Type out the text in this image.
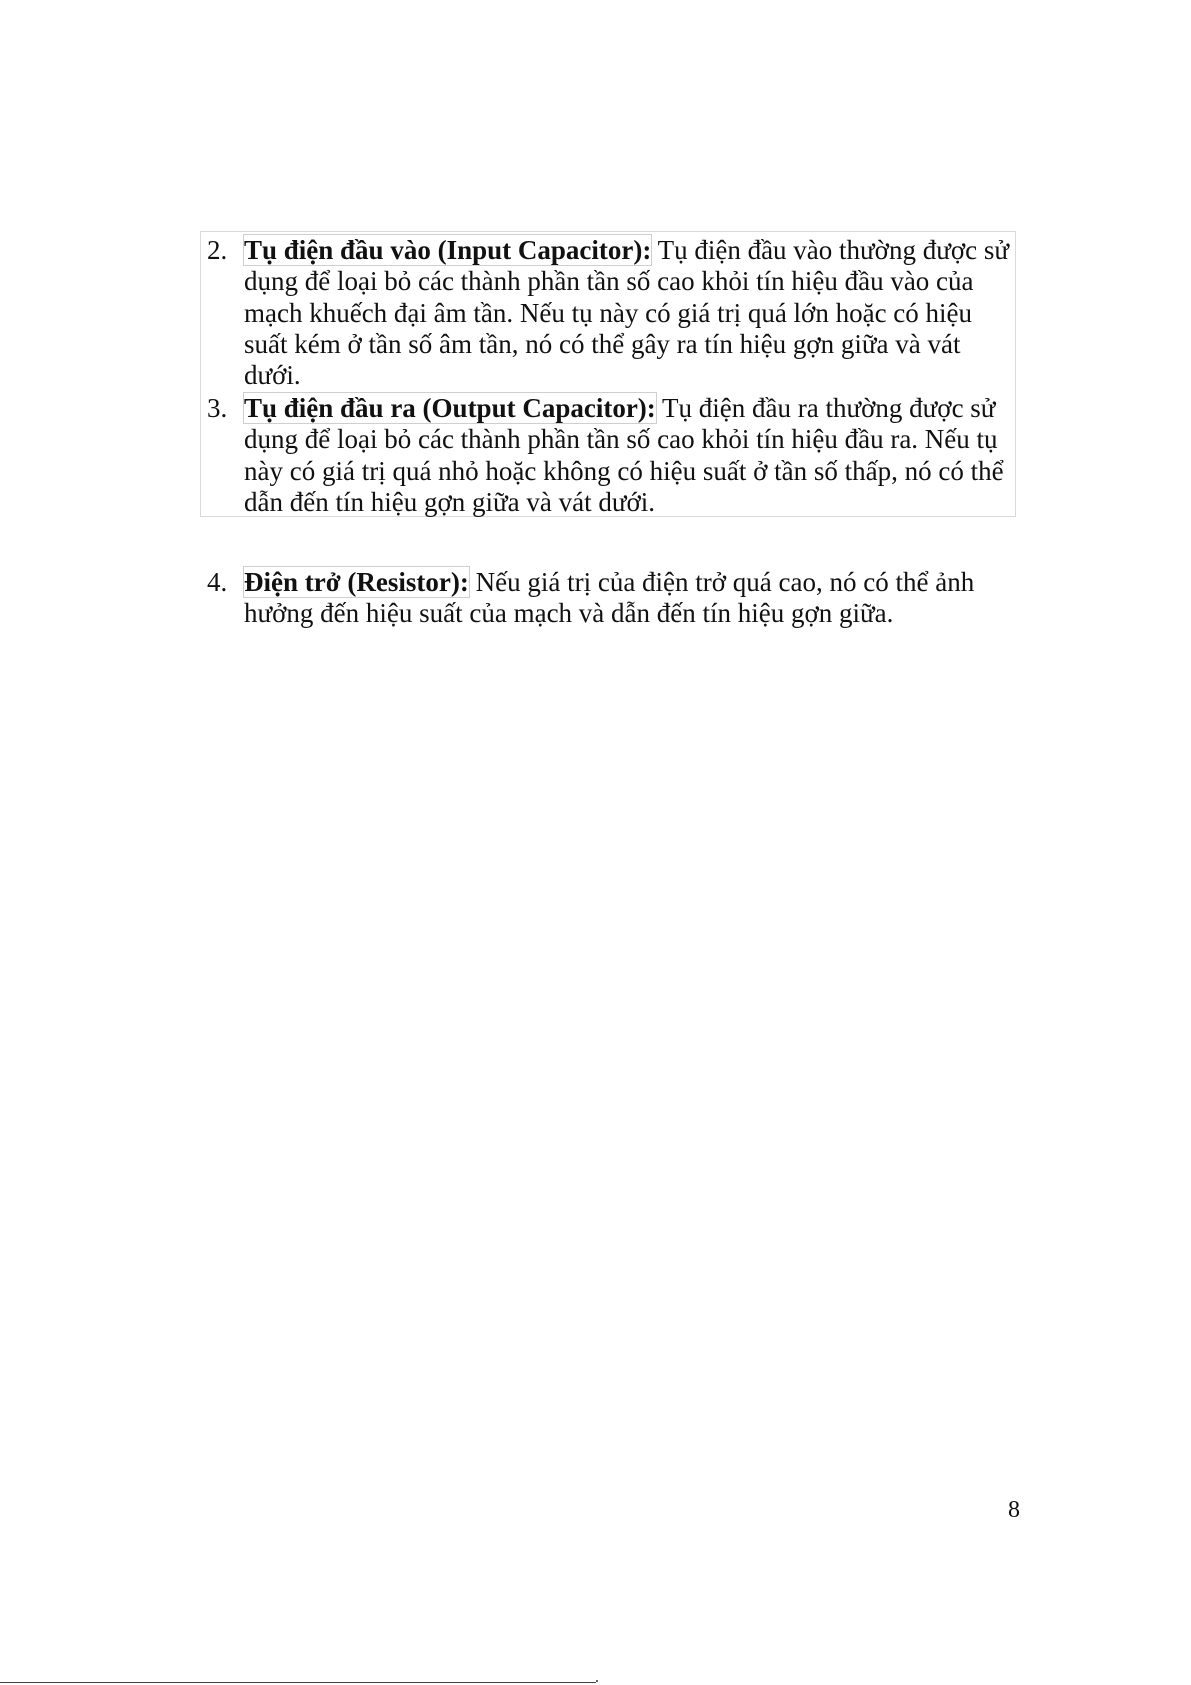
2. Tụ điện đầu vào (Input Capacitor): Tụ điện đầu vào thường được sử dụng để loại bỏ các thành phần tần số cao khỏi tín hiệu đầu vào của mạch khuếch đại âm tần. Nếu tụ này có giá trị quá lớn hoặc có hiệu suất kém ở tần số âm tần, nó có thể gây ra tín hiệu gợn giữa và vát dưới.
3. Tụ điện đầu ra (Output Capacitor): Tụ điện đầu ra thường được sử dụng để loại bỏ các thành phần tần số cao khỏi tín hiệu đầu ra. Nếu tụ này có giá trị quá nhỏ hoặc không có hiệu suất ở tần số thấp, nó có thể dẫn đến tín hiệu gợn giữa và vát dưới.
4. Điện trở (Resistor): Nếu giá trị của điện trở quá cao, nó có thể ảnh hưởng đến hiệu suất của mạch và dẫn đến tín hiệu gợn giữa.
8
